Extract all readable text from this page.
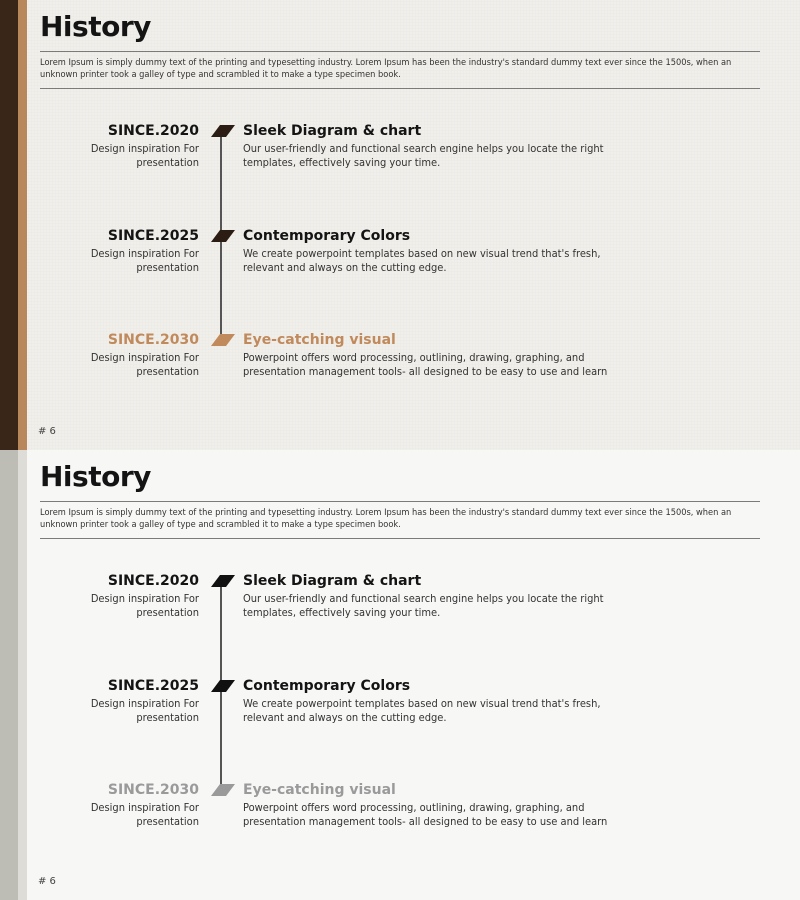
History
Lorem Ipsum is simply dummy text of the printing and typesetting industry. Lorem Ipsum has been the industry's standard dummy text ever since the 1500s, when an unknown printer took a galley of type and scrambled it to make a type specimen book.
SINCE.2020
Design inspiration For presentation
Sleek Diagram & chart
Our user-friendly and functional search engine helps you locate the right templates, effectively saving your time.
SINCE.2025
Design inspiration For presentation
Contemporary Colors
We create powerpoint templates based on new visual trend that's fresh, relevant and always on the cutting edge.
SINCE.2030
Design inspiration For presentation
Eye-catching visual
Powerpoint offers word processing, outlining, drawing, graphing, and presentation management tools- all designed to be easy to use and learn
# 6
History
Lorem Ipsum is simply dummy text of the printing and typesetting industry. Lorem Ipsum has been the industry's standard dummy text ever since the 1500s, when an unknown printer took a galley of type and scrambled it to make a type specimen book.
SINCE.2020
Design inspiration For presentation
Sleek Diagram & chart
Our user-friendly and functional search engine helps you locate the right templates, effectively saving your time.
SINCE.2025
Design inspiration For presentation
Contemporary Colors
We create powerpoint templates based on new visual trend that's fresh, relevant and always on the cutting edge.
SINCE.2030
Design inspiration For presentation
Eye-catching visual
Powerpoint offers word processing, outlining, drawing, graphing, and presentation management tools- all designed to be easy to use and learn
# 6
